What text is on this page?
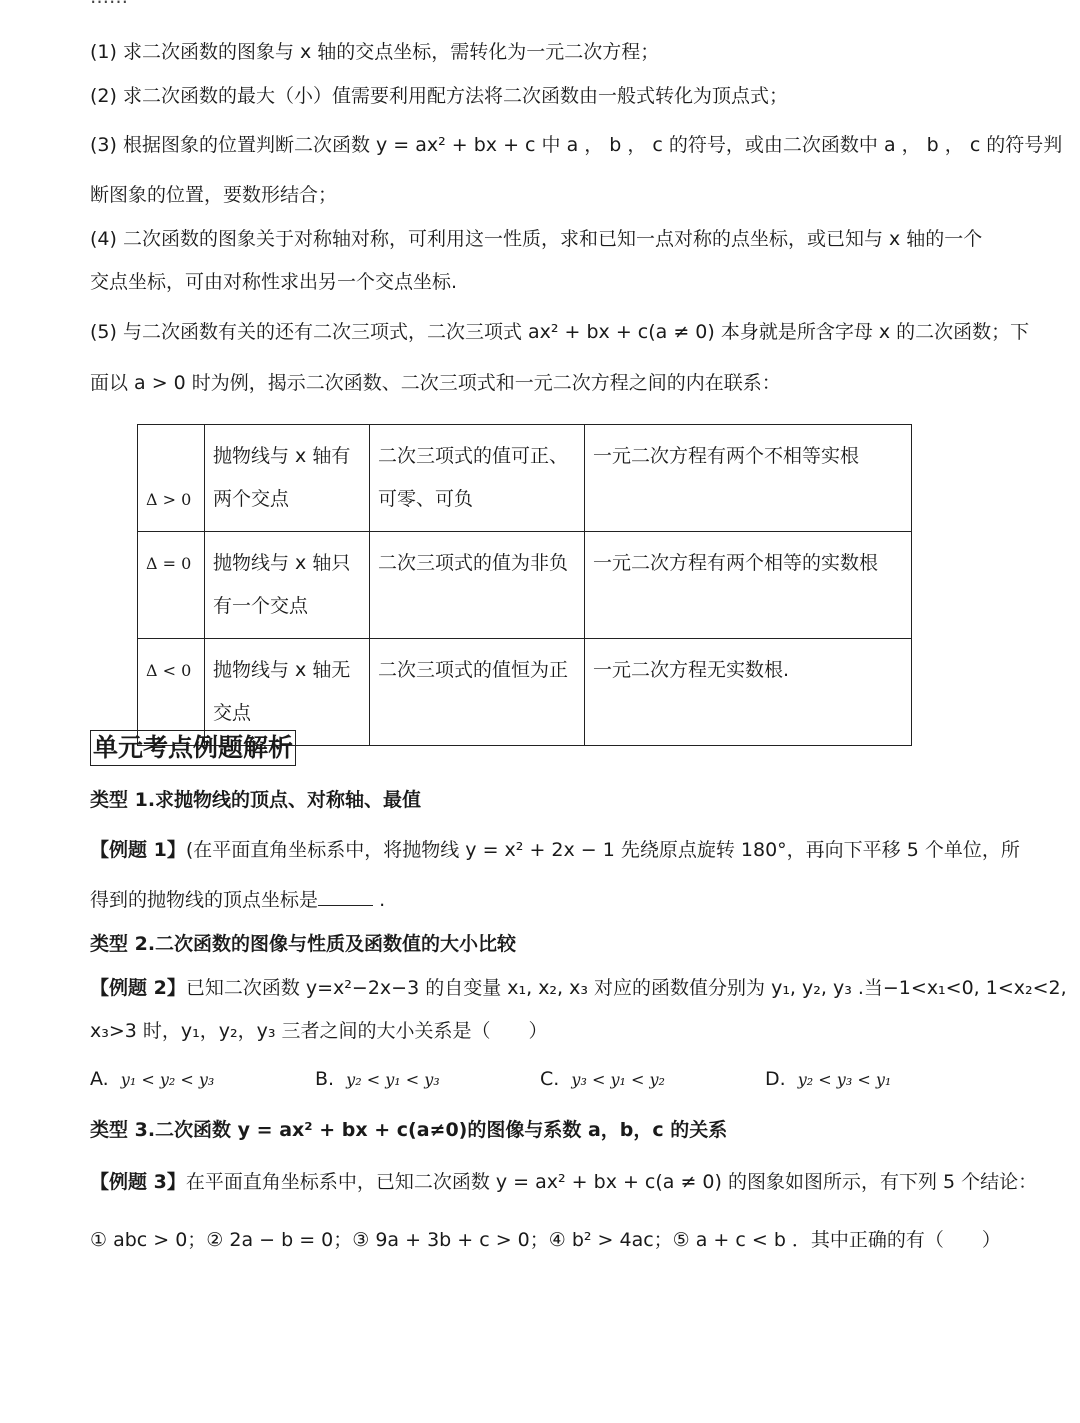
(1) 求二次函数的图象与 x 轴的交点坐标，需转化为一元二次方程；
(2) 求二次函数的最大（小）值需要利用配方法将二次函数由一般式转化为顶点式；
(3) 根据图象的位置判断二次函数 y = ax² + bx + c 中 a ， b ， c 的符号，或由二次函数中 a ， b ， c 的符号判
断图象的位置，要数形结合；
(4) 二次函数的图象关于对称轴对称，可利用这一性质，求和已知一点对称的点坐标，或已知与 x 轴的一个
交点坐标，可由对称性求出另一个交点坐标.
(5) 与二次函数有关的还有二次三项式，二次三项式 ax² + bx + c(a ≠ 0) 本身就是所含字母 x 的二次函数；下
面以 a > 0 时为例，揭示二次函数、二次三项式和一元二次方程之间的内在联系：
Δ > 0	抛物线与 x 轴有两个交点	二次三项式的值可正、可零、可负	一元二次方程有两个不相等实根
Δ = 0	抛物线与 x 轴只有一个交点	二次三项式的值为非负	一元二次方程有两个相等的实数根
Δ < 0	抛物线与 x 轴无交点	二次三项式的值恒为正	一元二次方程无实数根.
单元考点例题解析
类型 1.求抛物线的顶点、对称轴、最值
【例题 1】(在平面直角坐标系中，将抛物线 y = x² + 2x − 1 先绕原点旋转 180°，再向下平移 5 个单位，所
得到的抛物线的顶点坐标是	.
类型 2.二次函数的图像与性质及函数值的大小比较
【例题 2】已知二次函数 y=x²−2x−3 的自变量 x₁, x₂, x₃ 对应的函数值分别为 y₁, y₂, y₃ .当−1<x₁<0, 1<x₂<2,
x₃>3 时，y₁，y₂，y₃ 三者之间的大小关系是（　　）
A. y₁ < y₂ < y₃	B. y₂ < y₁ < y₃	C. y₃ < y₁ < y₂	D. y₂ < y₃ < y₁
类型 3.二次函数 y = ax² + bx + c(a≠0)的图像与系数 a，b，c 的关系
【例题 3】在平面直角坐标系中，已知二次函数 y = ax² + bx + c(a ≠ 0) 的图象如图所示，有下列 5 个结论：
① abc > 0；② 2a − b = 0；③ 9a + 3b + c > 0；④ b² > 4ac；⑤ a + c < b ．其中正确的有（　　）
